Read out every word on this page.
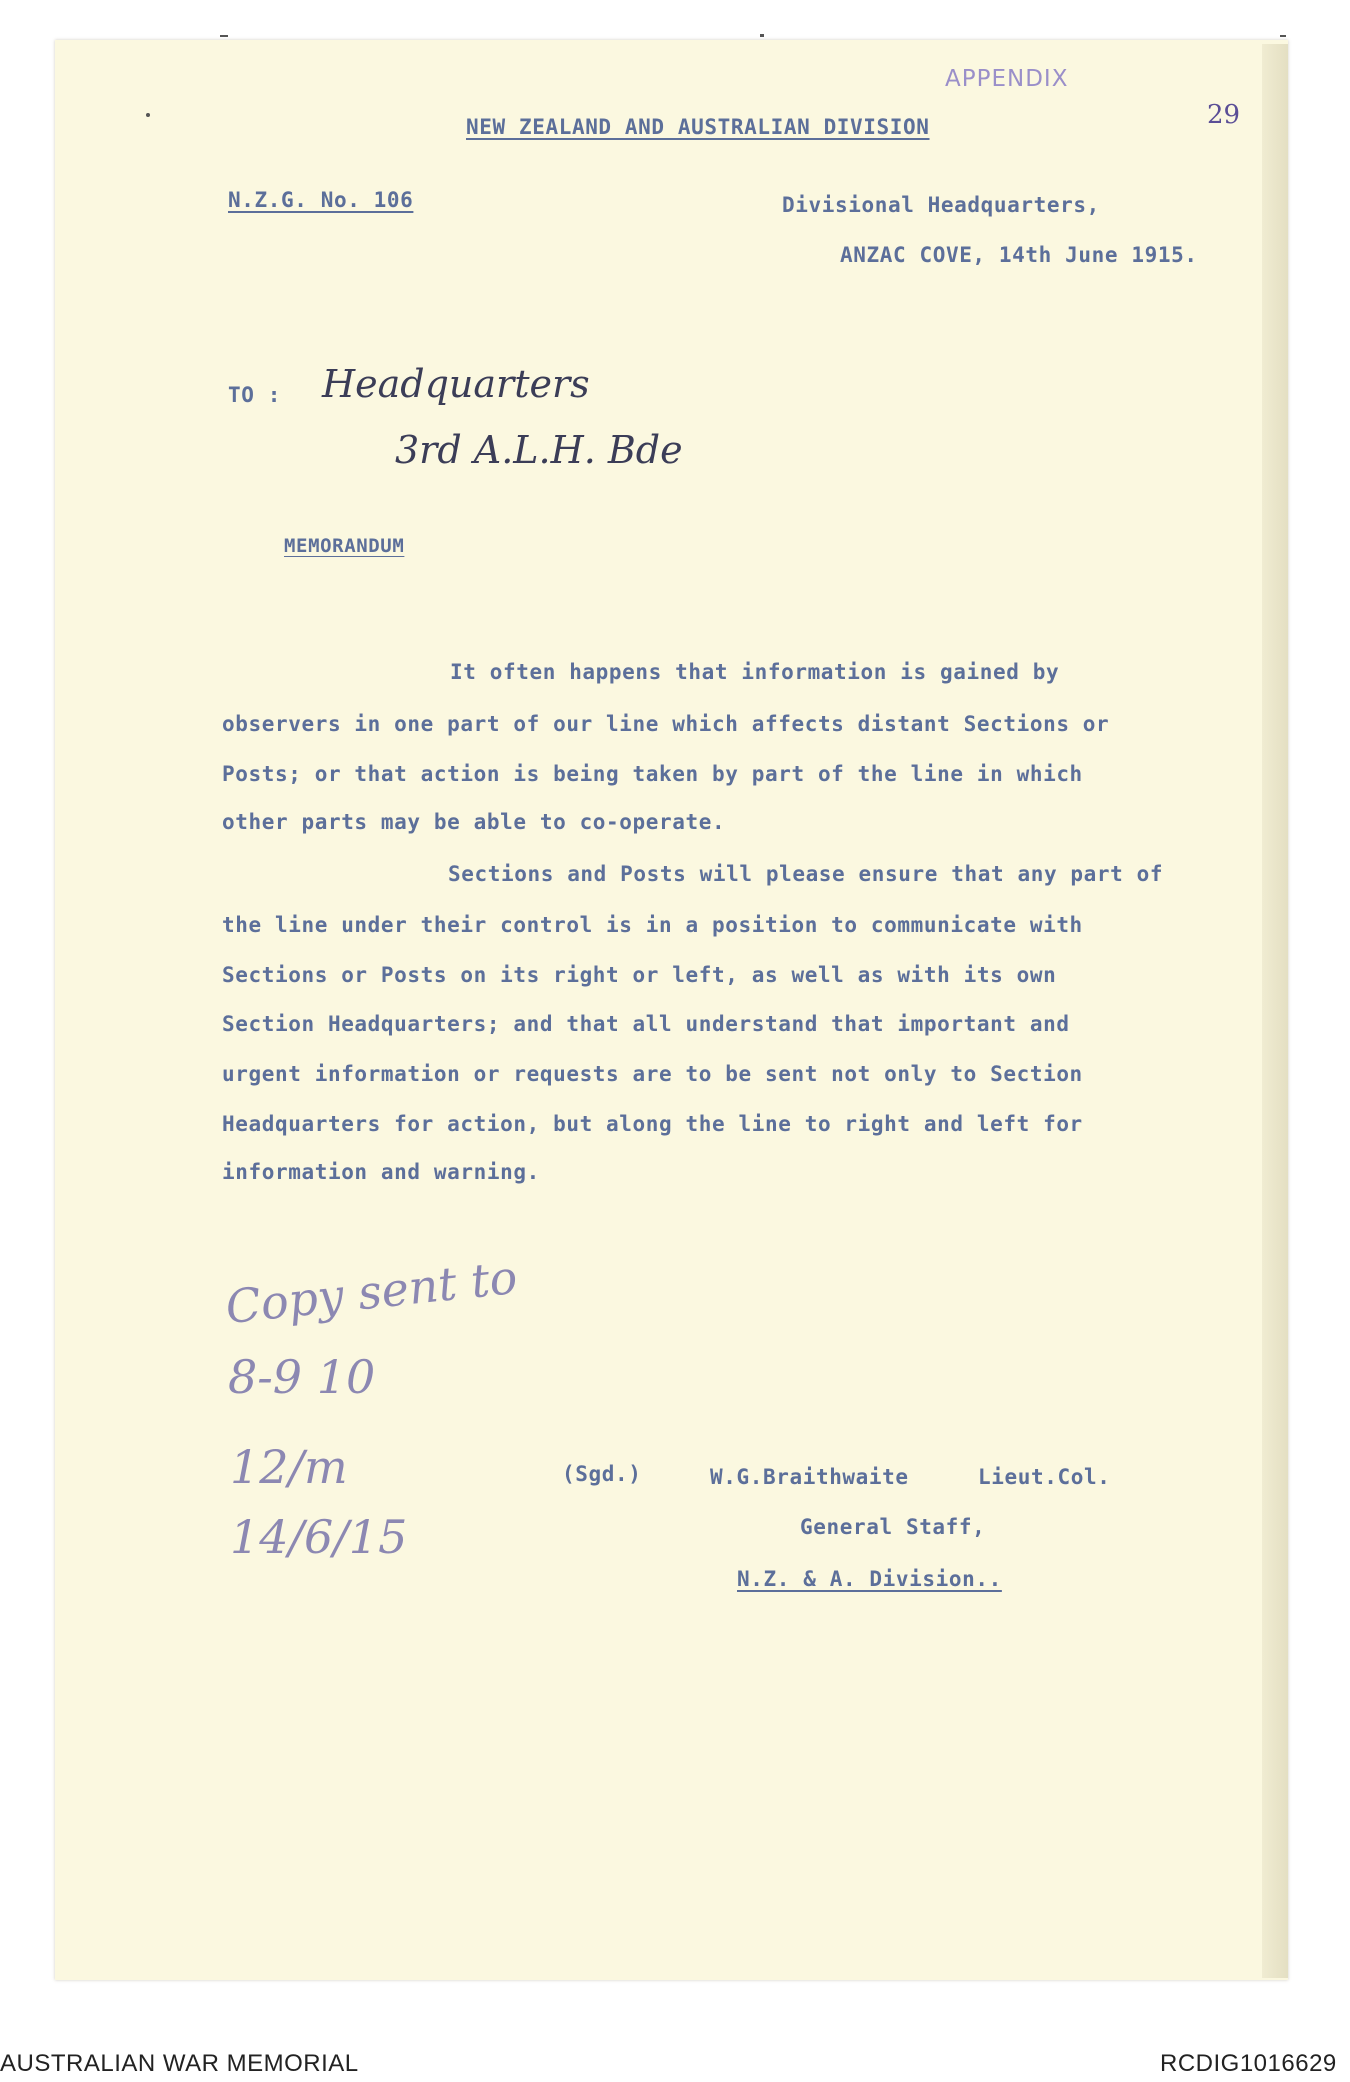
APPENDIX
29
NEW ZEALAND AND AUSTRALIAN DIVISION
N.Z.G. No. 106	Divisional Headquarters,
ANZAC COVE, 14th June 1915.
TO : Headquarters
3rd A.L.H. Bde
MEMORANDUM
It often happens that information is gained by
observers in one part of our line which affects distant Sections or
Posts; or that action is being taken by part of the line in which
other parts may be able to co-operate.
Sections and Posts will please ensure that any part of
the line under their control is in a position to communicate with
Sections or Posts on its right or left, as well as with its own
Section Headquarters; and that all understand that important and
urgent information or requests are to be sent not only to Section
Headquarters for action, but along the line to right and left for
information and warning.
Copy sent to
8-9 10
12/m
14/6/15
(Sgd.)	W.G.Braithwaite	Lieut.Col.
General Staff,
N.Z. & A. Division..
AUSTRALIAN WAR MEMORIAL	RCDIG1016629
